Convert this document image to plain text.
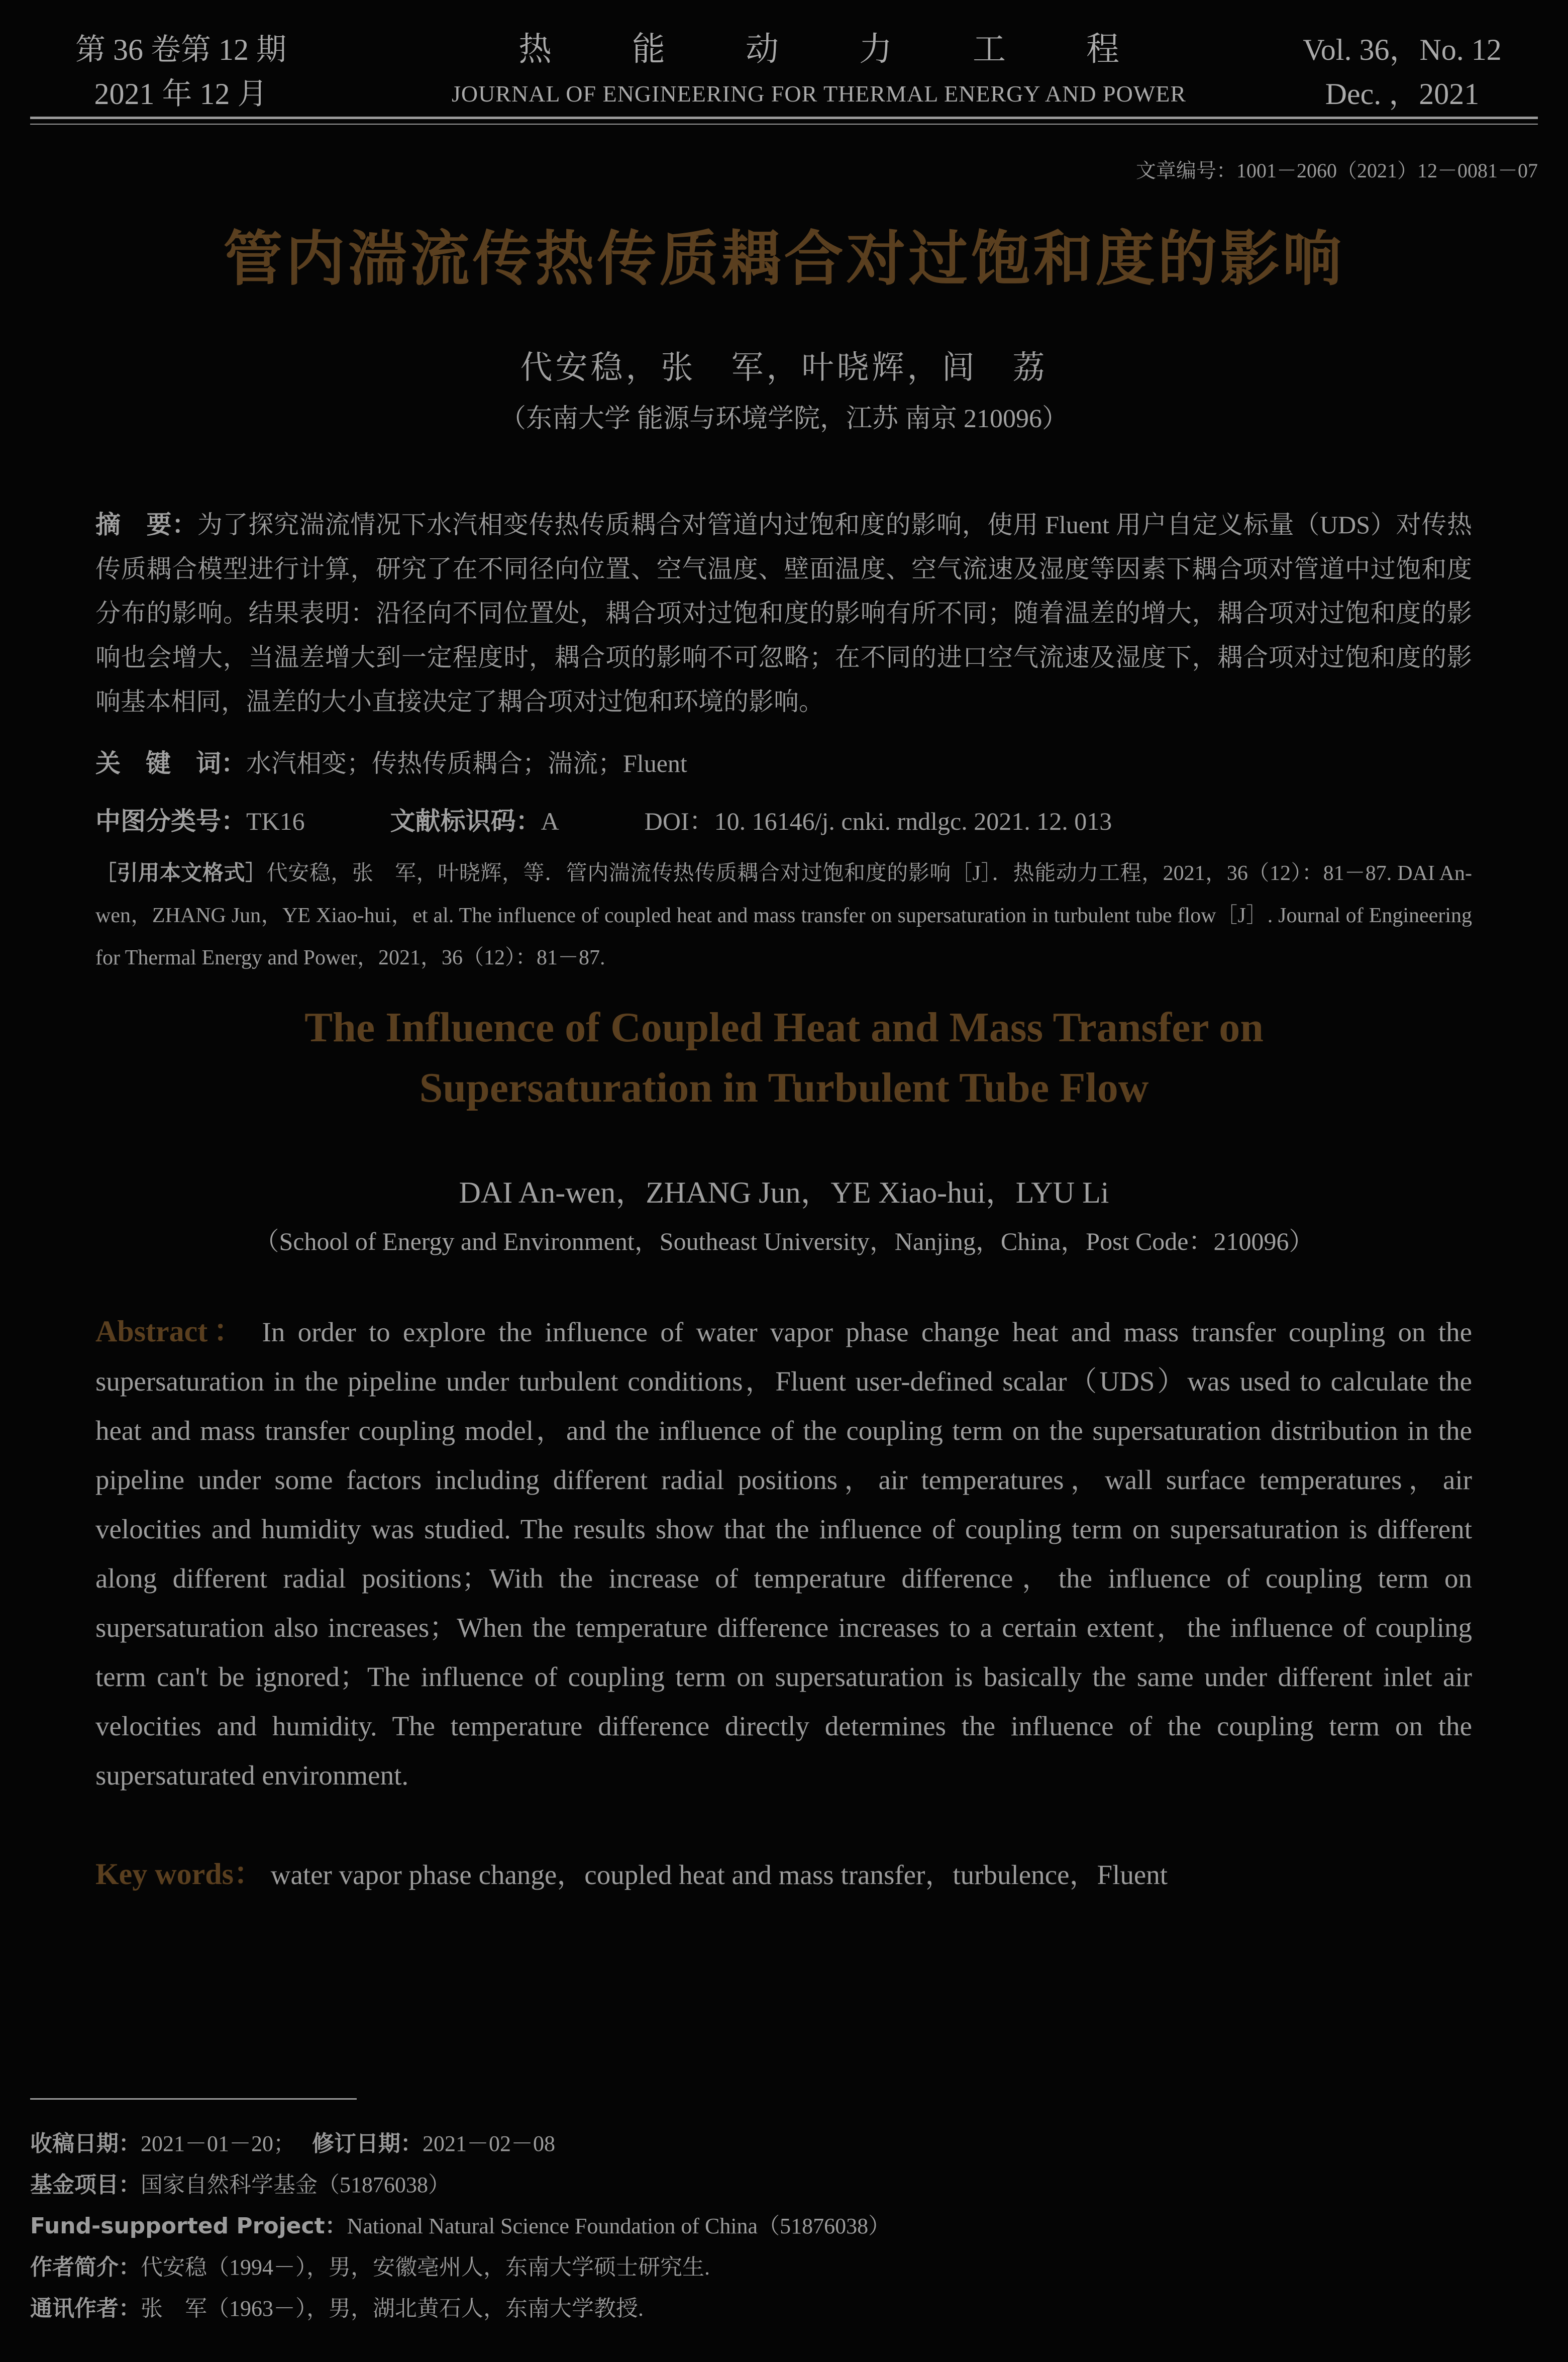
第 36 卷第 12 期
2021 年 12 月
热能动力工程
JOURNAL OF ENGINEERING FOR THERMAL ENERGY AND POWER
Vol. 36，No. 12
Dec. ，2021
文章编号：1001－2060（2021）12－0081－07
管内湍流传热传质耦合对过饱和度的影响
代安稳，张　军，叶晓辉，闾　荔
（东南大学 能源与环境学院，江苏 南京 210096）
摘　要：为了探究湍流情况下水汽相变传热传质耦合对管道内过饱和度的影响，使用 Fluent 用户自定义标量（UDS）对传热传质耦合模型进行计算，研究了在不同径向位置、空气温度、壁面温度、空气流速及湿度等因素下耦合项对管道中过饱和度分布的影响。结果表明：沿径向不同位置处，耦合项对过饱和度的影响有所不同；随着温差的增大，耦合项对过饱和度的影响也会增大，当温差增大到一定程度时，耦合项的影响不可忽略；在不同的进口空气流速及湿度下，耦合项对过饱和度的影响基本相同，温差的大小直接决定了耦合项对过饱和环境的影响。
关　键　词：水汽相变；传热传质耦合；湍流；Fluent
中图分类号：TK16	文献标识码：A	DOI：10. 16146/j. cnki. rndlgc. 2021. 12. 013
［引用本文格式］代安稳，张　军，叶晓辉，等．管内湍流传热传质耦合对过饱和度的影响［J］．热能动力工程，2021，36（12）：81－87. DAI An-wen，ZHANG Jun，YE Xiao-hui，et al. The influence of coupled heat and mass transfer on supersaturation in turbulent tube flow［J］. Journal of Engineering for Thermal Energy and Power，2021，36（12）：81－87.
The Influence of Coupled Heat and Mass Transfer on
Supersaturation in Turbulent Tube Flow
DAI An-wen，ZHANG Jun，YE Xiao-hui，LYU Li
（School of Energy and Environment，Southeast University，Nanjing，China，Post Code：210096）
Abstract： In order to explore the influence of water vapor phase change heat and mass transfer coupling on the supersaturation in the pipeline under turbulent conditions，Fluent user-defined scalar（UDS）was used to calculate the heat and mass transfer coupling model，and the influence of the coupling term on the supersaturation distribution in the pipeline under some factors including different radial positions，air temperatures，wall surface temperatures，air velocities and humidity was studied. The results show that the influence of coupling term on supersaturation is different along different radial positions；With the increase of temperature difference，the influence of coupling term on supersaturation also increases；When the temperature difference increases to a certain extent，the influence of coupling term can't be ignored；The influence of coupling term on supersaturation is basically the same under different inlet air velocities and humidity. The temperature difference directly determines the influence of the coupling term on the supersaturated environment.
Key words： water vapor phase change，coupled heat and mass transfer，turbulence，Fluent
收稿日期：2021－01－20； 修订日期：2021－02－08
基金项目：国家自然科学基金（51876038）
Fund-supported Project：National Natural Science Foundation of China（51876038）
作者简介：代安稳（1994－），男，安徽亳州人，东南大学硕士研究生.
通讯作者：张　军（1963－），男，湖北黄石人，东南大学教授.
